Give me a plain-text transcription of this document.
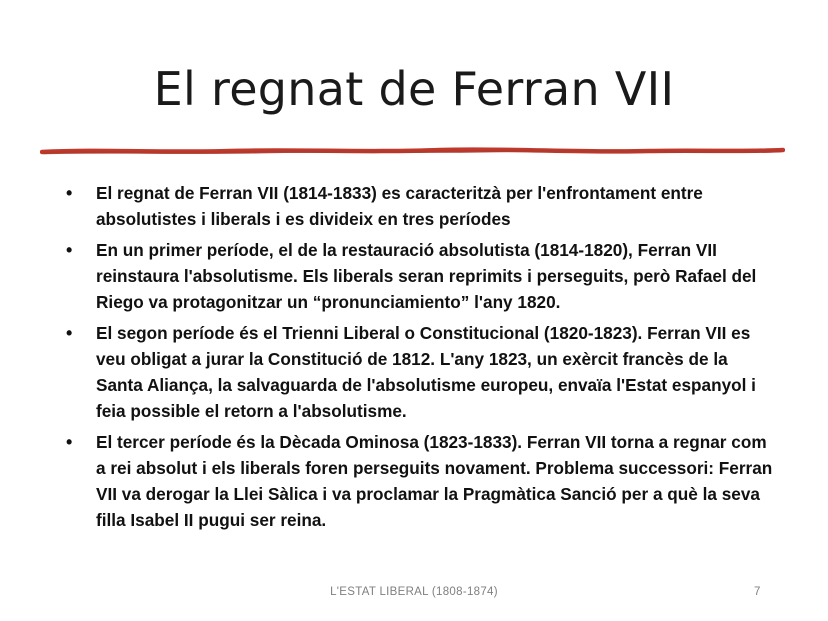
El regnat de Ferran VII
• El regnat de Ferran VII (1814-1833) es caracteritzà per l'enfrontament entre absolutistes i liberals i es divideix en tres períodes
• En un primer període, el de la restauració absolutista (1814-1820), Ferran VII reinstaura l'absolutisme. Els liberals seran reprimits i perseguits, però Rafael del Riego va protagonitzar un “pronunciamiento” l'any 1820.
• El segon període és el Trienni Liberal o Constitucional (1820-1823). Ferran VII es veu obligat a jurar la Constitució de 1812. L'any 1823, un exèrcit francès de la Santa Aliança, la salvaguarda de l'absolutisme europeu, envaïa l'Estat espanyol i feia possible el retorn a l'absolutisme.
• El tercer període és la Dècada Ominosa (1823-1833). Ferran VII torna a regnar com a rei absolut i els liberals foren perseguits novament. Problema successori: Ferran VII va derogar la Llei Sàlica i va proclamar la Pragmàtica Sanció per a què la seva filla Isabel II pugui ser reina.
L'ESTAT LIBERAL (1808-1874)	7
